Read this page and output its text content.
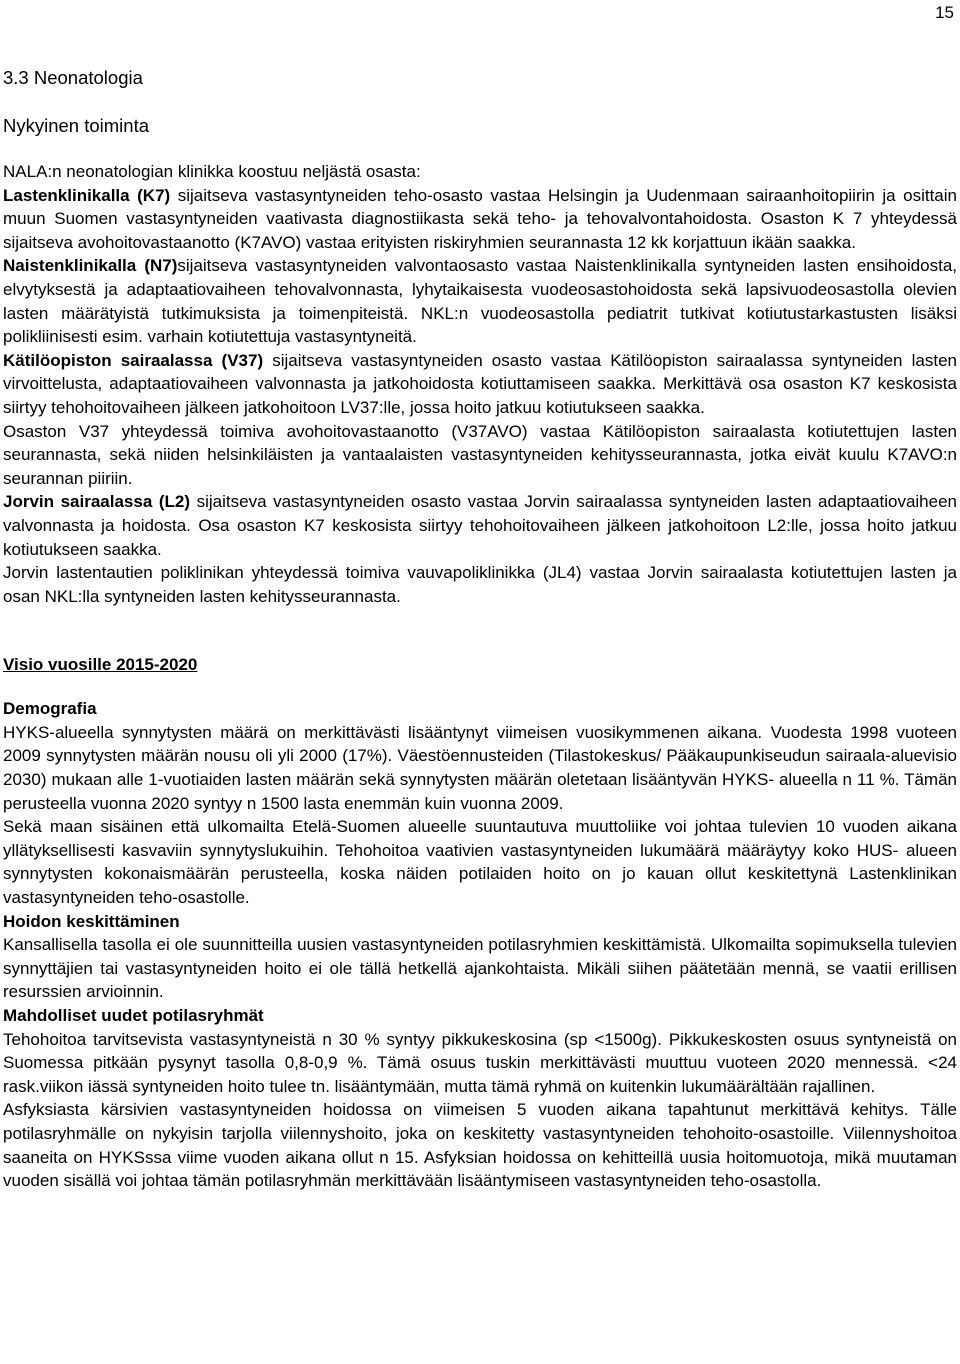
15
3.3 Neonatologia
Nykyinen toiminta

NALA:n neonatologian klinikka koostuu neljästä osasta:

Lastenklinikalla (K7) sijaitseva vastasyntyneiden teho-osasto vastaa Helsingin ja Uudenmaan sairaanhoitopiirin ja osittain muun Suomen vastasyntyneiden vaativasta diagnostiikasta sekä teho- ja tehovalvontahoidosta. Osaston K 7 yhteydessä sijaitseva avohoitovastaanotto (K7AVO) vastaa erityisten riskiryhmien seurannasta 12 kk korjattuun ikään saakka.

Naistenklinikalla (N7)sijaitseva vastasyntyneiden valvontaosasto vastaa Naistenklinikalla syntyneiden lasten ensihoidosta, elvytyksestä ja adaptaatiovaiheen tehovalvonnasta, lyhytaikaisesta vuodeosastohoidosta sekä lapsivuodeosastolla olevien lasten määrätyistä tutkimuksista ja toimenpiteistä. NKL:n vuodeosastolla pediatrit tutkivat kotiutustarkastusten lisäksi polikliinisesti esim. varhain kotiutettuja vastasyntyneitä.

Kätilöopiston sairaalassa (V37) sijaitseva vastasyntyneiden osasto vastaa Kätilöopiston sairaalassa syntyneiden lasten virvoittelusta, adaptaatiovaiheen valvonnasta ja jatkohoidosta kotiuttamiseen saakka. Merkittävä osa osaston K7 keskosista siirtyy tehohoitovaiheen jälkeen jatkohoitoon LV37:lle, jossa hoito jatkuu kotiutukseen saakka.

Osaston V37 yhteydessä toimiva avohoitovastaanotto (V37AVO) vastaa Kätilöopiston sairaalasta kotiutettujen lasten seurannasta, sekä niiden helsinkiläisten ja vantaalaisten vastasyntyneiden kehitysseurannasta, jotka eivät kuulu K7AVO:n seurannan piiriin.

Jorvin sairaalassa (L2) sijaitseva vastasyntyneiden osasto vastaa Jorvin sairaalassa syntyneiden lasten adaptaatiovaiheen valvonnasta ja hoidosta. Osa osaston K7 keskosista siirtyy tehohoitovaiheen jälkeen jatkohoitoon L2:lle, jossa hoito jatkuu kotiutukseen saakka.

Jorvin lastentautien poliklinikan yhteydessä toimiva vauvapoliklinikka (JL4) vastaa Jorvin sairaalasta kotiutettujen lasten ja osan NKL:lla syntyneiden lasten kehitysseurannasta.

Visio vuosille 2015-2020
Demografia

HYKS-alueella synnytysten määrä on merkittävästi lisääntynyt viimeisen vuosikymmenen aikana. Vuodesta 1998 vuoteen 2009 synnytysten määrän nousu oli yli 2000 (17%). Väestöennusteiden (Tilastokeskus/ Pääkaupunkiseudun sairaala-aluevisio 2030) mukaan alle 1-vuotiaiden lasten määrän sekä synnytysten määrän oletetaan lisääntyvän HYKS- alueella n 11 %. Tämän perusteella vuonna 2020 syntyy n 1500 lasta enemmän kuin vuonna 2009.

Sekä maan sisäinen että ulkomailta Etelä-Suomen alueelle suuntautuva muuttoliike voi johtaa tulevien 10 vuoden aikana yllätyksellisesti kasvaviin synnytyslukuihin. Tehohoitoa vaativien vastasyntyneiden lukumäärä määräytyy koko HUS- alueen synnytysten kokonaismäärän perusteella, koska näiden potilaiden hoito on jo kauan ollut keskitettynä Lastenklinikan vastasyntyneiden teho-osastolle.

Hoidon keskittäminen

Kansallisella tasolla ei ole suunnitteilla uusien vastasyntyneiden potilasryhmien keskittämistä. Ulkomailta sopimuksella tulevien synnyttäjien tai vastasyntyneiden hoito ei ole tällä hetkellä ajankohtaista. Mikäli siihen päätetään mennä, se vaatii erillisen resurssien arvioinnin.

Mahdolliset uudet potilasryhmät

Tehohoitoa tarvitsevista vastasyntyneistä n 30 % syntyy pikkukeskosina (sp <1500g). Pikkukeskosten osuus syntyneistä on Suomessa pitkään pysynyt tasolla 0,8-0,9 %. Tämä osuus tuskin merkittävästi muuttuu vuoteen 2020 mennessä. <24 rask.viikon iässä syntyneiden hoito tulee tn. lisääntymään, mutta tämä ryhmä on kuitenkin lukumäärältään rajallinen.

Asfyksiasta kärsivien vastasyntyneiden hoidossa on viimeisen 5 vuoden aikana tapahtunut merkittävä kehitys. Tälle potilasryhmälle on nykyisin tarjolla viilennyshoito, joka on keskitetty vastasyntyneiden tehohoito-osastoille. Viilennyshoitoa saaneita on HYKSssa viime vuoden aikana ollut n 15. Asfyksian hoidossa on kehitteillä uusia hoitomuotoja, mikä muutaman vuoden sisällä voi johtaa tämän potilasryhmän merkittävään lisääntymiseen vastasyntyneiden teho-osastolla.
